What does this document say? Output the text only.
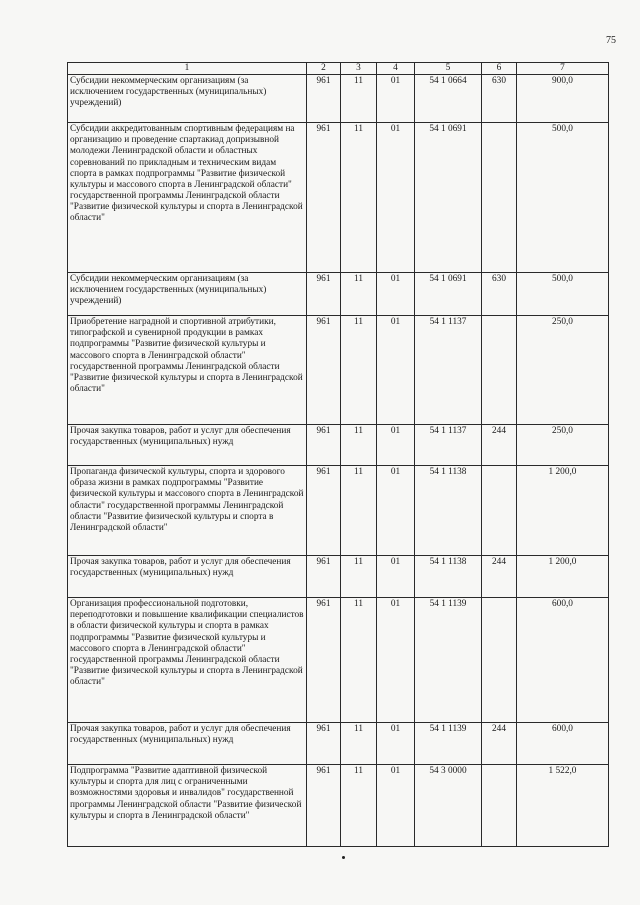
75
1	2	3	4	5	6	7
Субсидии некоммерческим организациям (за исключением государственных (муниципальных) учреждений)	961	11	01	54 1 0664	630	900,0
Субсидии аккредитованным спортивным федерациям на организацию и проведение спартакиад допризывной молодежи Ленинградской области и областных соревнований по прикладным и техническим видам спорта в рамках подпрограммы "Развитие физической культуры и массового спорта в Ленинградской области" государственной программы Ленинградской области "Развитие физической культуры и спорта в Ленинградской области"	961	11	01	54 1 0691		500,0
Субсидии некоммерческим организациям (за исключением государственных (муниципальных) учреждений)	961	11	01	54 1 0691	630	500,0
Приобретение наградной и спортивной атрибутики, типографской и сувенирной продукции в рамках подпрограммы "Развитие физической культуры и массового спорта в Ленинградской области" государственной программы Ленинградской области "Развитие физической культуры и спорта в Ленинградской области"	961	11	01	54 1 1137		250,0
Прочая закупка товаров, работ и услуг для обеспечения государственных (муниципальных) нужд	961	11	01	54 1 1137	244	250,0
Пропаганда физической культуры, спорта и здорового образа жизни в рамках подпрограммы "Развитие физической культуры и массового спорта в Ленинградской области" государственной программы Ленинградской области "Развитие физической культуры и спорта в Ленинградской области"	961	11	01	54 1 1138		1 200,0
Прочая закупка товаров, работ и услуг для обеспечения государственных (муниципальных) нужд	961	11	01	54 1 1138	244	1 200,0
Организация профессиональной подготовки, переподготовки и повышение квалификации специалистов в области физической культуры и спорта в рамках подпрограммы "Развитие физической культуры и массового спорта в Ленинградской области" государственной программы Ленинградской области "Развитие физической культуры и спорта в Ленинградской области"	961	11	01	54 1 1139		600,0
Прочая закупка товаров, работ и услуг для обеспечения государственных (муниципальных) нужд	961	11	01	54 1 1139	244	600,0
Подпрограмма "Развитие адаптивной физической культуры и спорта для лиц с ограниченными возможностями здоровья и инвалидов" государственной программы Ленинградской области "Развитие физической культуры и спорта в Ленинградской области"	961	11	01	54 3 0000		1 522,0
